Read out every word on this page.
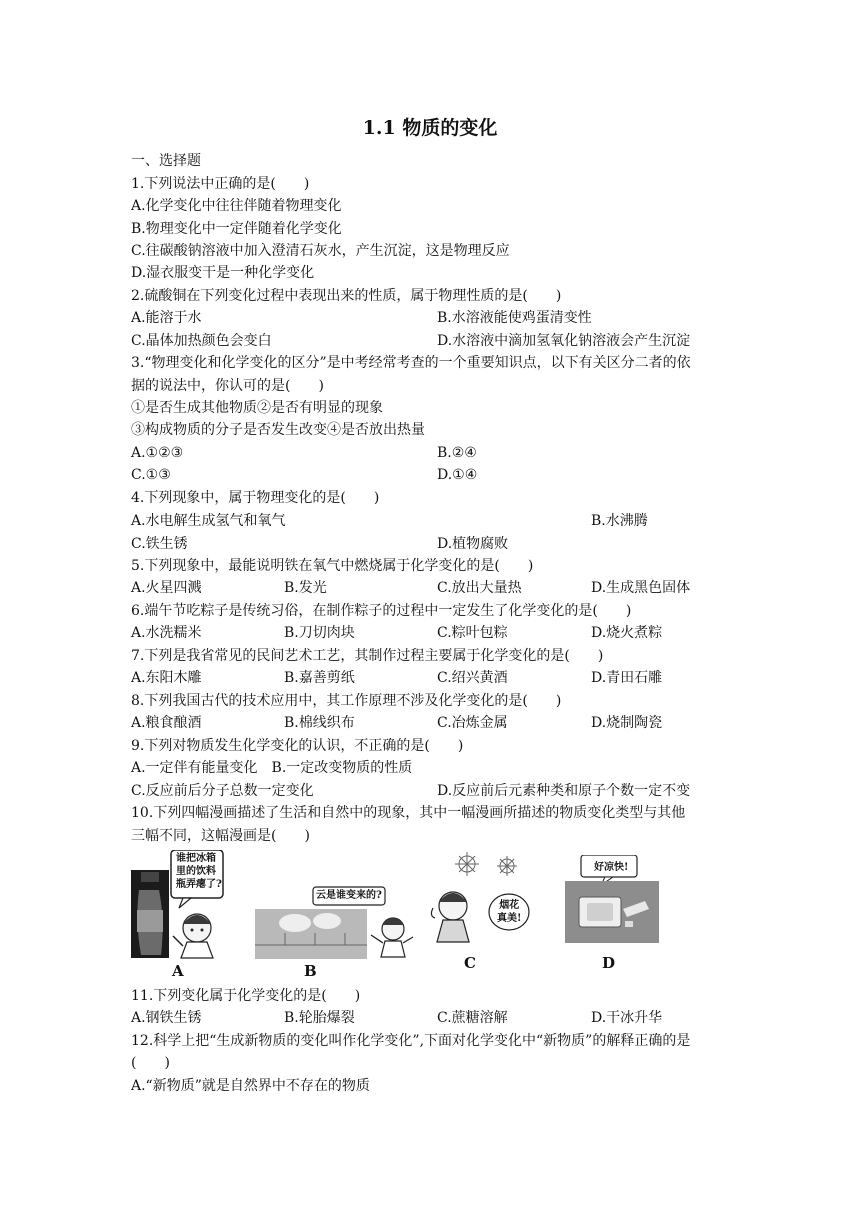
1.1 物质的变化
一、选择题
1.下列说法中正确的是(　　)
A.化学变化中往往伴随着物理变化
B.物理变化中一定伴随着化学变化
C.往碳酸钠溶液中加入澄清石灰水，产生沉淀，这是物理反应
D.湿衣服变干是一种化学变化
2.硫酸铜在下列变化过程中表现出来的性质，属于物理性质的是(　　)
A.能溶于水	B.水溶液能使鸡蛋清变性
C.晶体加热颜色会变白	D.水溶液中滴加氢氧化钠溶液会产生沉淀
3.“物理变化和化学变化的区分”是中考经常考查的一个重要知识点，以下有关区分二者的依
据的说法中，你认可的是(　　)
①是否生成其他物质②是否有明显的现象
③构成物质的分子是否发生改变④是否放出热量
A.①②③	B.②④
C.①③	D.①④
4.下列现象中，属于物理变化的是(　　)
A.水电解生成氢气和氧气	B.水沸腾
C.铁生锈	D.植物腐败
5.下列现象中，最能说明铁在氧气中燃烧属于化学变化的是(　　)
A.火星四溅	B.发光	C.放出大量热	D.生成黑色固体
6.端午节吃粽子是传统习俗，在制作粽子的过程中一定发生了化学变化的是(　　)
A.水洗糯米	B.刀切肉块	C.粽叶包粽	D.烧火煮粽
7.下列是我省常见的民间艺术工艺，其制作过程主要属于化学变化的是(　　)
A.东阳木雕	B.嘉善剪纸	C.绍兴黄酒	D.青田石雕
8.下列我国古代的技术应用中，其工作原理不涉及化学变化的是(　　)
A.粮食酿酒	B.棉线织布	C.冶炼金属	D.烧制陶瓷
9.下列对物质发生化学变化的认识，不正确的是(　　)
A.一定伴有能量变化　B.一定改变物质的性质
C.反应前后分子总数一定变化	D.反应前后元素种类和原子个数一定不变
10.下列四幅漫画描述了生活和自然中的现象，其中一幅漫画所描述的物质变化类型与其他
三幅不同，这幅漫画是(　　)
谁把冰箱
里的饮料
瓶弄瘪了?
A
云是谁变来的?
B
烟花
真美!
C
好凉快!
D
11.下列变化属于化学变化的是(　　)
A.钢铁生锈	B.轮胎爆裂	C.蔗糖溶解	D.干冰升华
12.科学上把“生成新物质的变化叫作化学变化”,下面对化学变化中“新物质”的解释正确的是
(　　)
A.“新物质”就是自然界中不存在的物质
